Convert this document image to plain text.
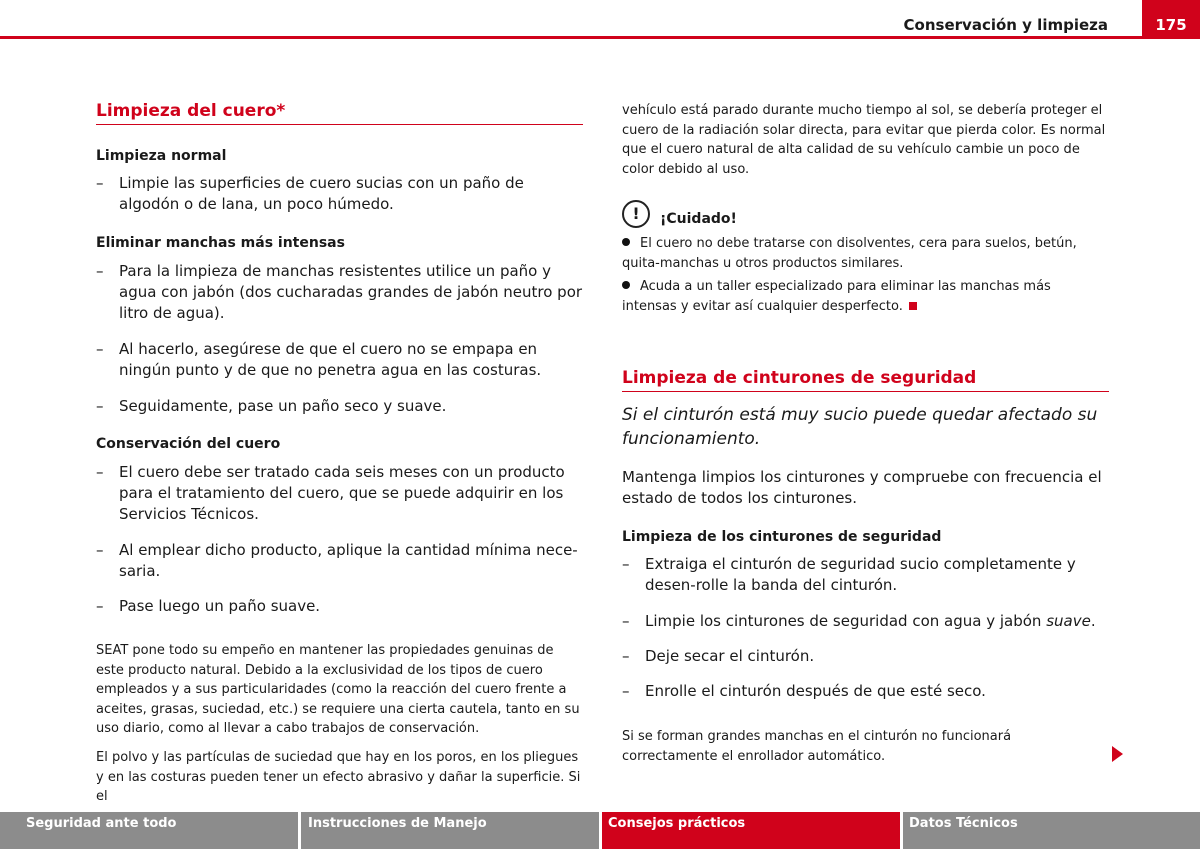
Conservación y limpieza	175
Limpieza del cuero*
Limpieza normal
– Limpie las superficies de cuero sucias con un paño de algodón o de lana, un poco húmedo.
Eliminar manchas más intensas
– Para la limpieza de manchas resistentes utilice un paño y agua con jabón (dos cucharadas grandes de jabón neutro por litro de agua).
– Al hacerlo, asegúrese de que el cuero no se empapa en ningún punto y de que no penetra agua en las costuras.
– Seguidamente, pase un paño seco y suave.
Conservación del cuero
– El cuero debe ser tratado cada seis meses con un producto para el tratamiento del cuero, que se puede adquirir en los Servicios Técnicos.
– Al emplear dicho producto, aplique la cantidad mínima nece-saria.
– Pase luego un paño suave.
SEAT pone todo su empeño en mantener las propiedades genuinas de este producto natural. Debido a la exclusividad de los tipos de cuero empleados y a sus particularidades (como la reacción del cuero frente a aceites, grasas, suciedad, etc.) se requiere una cierta cautela, tanto en su uso diario, como al llevar a cabo trabajos de conservación.
El polvo y las partículas de suciedad que hay en los poros, en los pliegues y en las costuras pueden tener un efecto abrasivo y dañar la superficie. Si el
vehículo está parado durante mucho tiempo al sol, se debería proteger el cuero de la radiación solar directa, para evitar que pierda color. Es normal que el cuero natural de alta calidad de su vehículo cambie un poco de color debido al uso.
!	¡Cuidado!
El cuero no debe tratarse con disolventes, cera para suelos, betún, quita-manchas u otros productos similares.
Acuda a un taller especializado para eliminar las manchas más intensas y evitar así cualquier desperfecto.
Limpieza de cinturones de seguridad
Si el cinturón está muy sucio puede quedar afectado su funcionamiento.
Mantenga limpios los cinturones y compruebe con frecuencia el estado de todos los cinturones.
Limpieza de los cinturones de seguridad
– Extraiga el cinturón de seguridad sucio completamente y desen-rolle la banda del cinturón.
– Limpie los cinturones de seguridad con agua y jabón suave.
– Deje secar el cinturón.
– Enrolle el cinturón después de que esté seco.
Si se forman grandes manchas en el cinturón no funcionará correctamente el enrollador automático.
Seguridad ante todo	Instrucciones de Manejo	Consejos prácticos	Datos Técnicos
